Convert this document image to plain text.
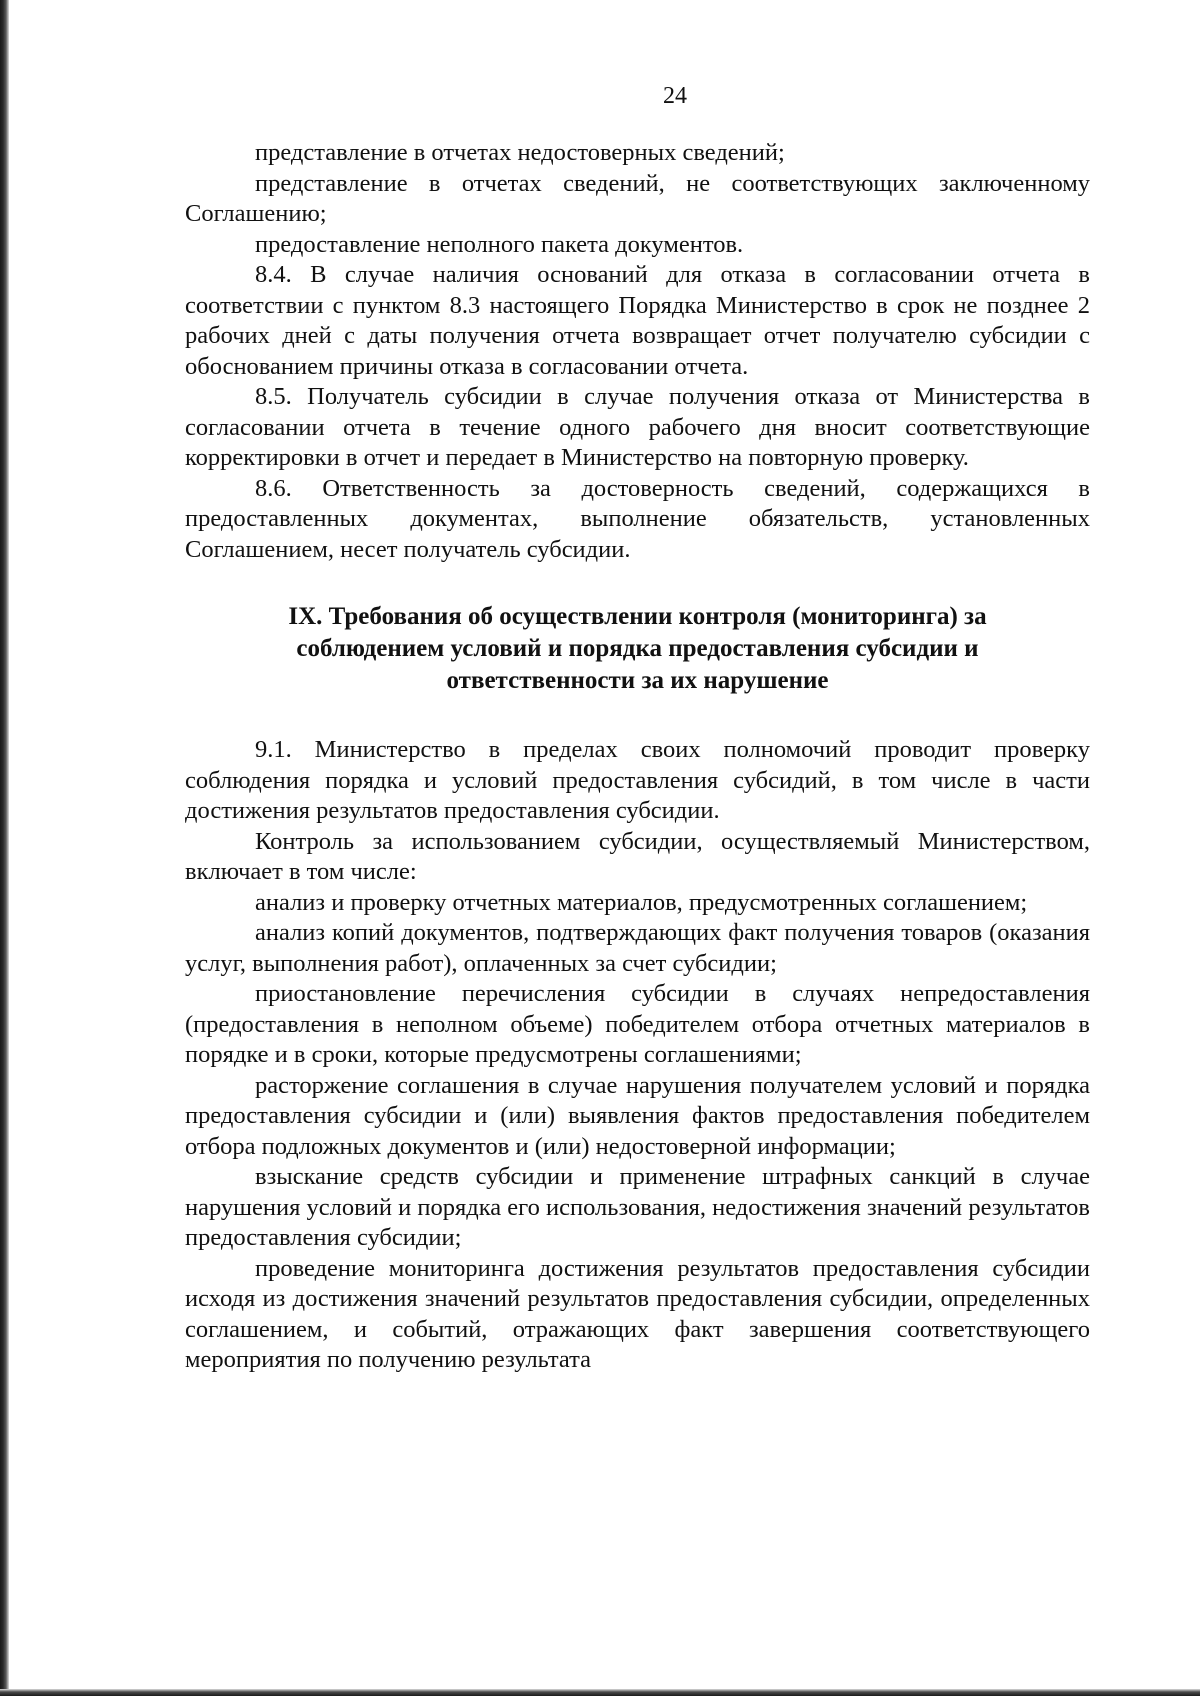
24

представление в отчетах недостоверных сведений;

представление в отчетах сведений, не соответствующих заключенному Соглашению;

предоставление неполного пакета документов.

8.4. В случае наличия оснований для отказа в согласовании отчета в соответствии с пунктом 8.3 настоящего Порядка Министерство в срок не позднее 2 рабочих дней с даты получения отчета возвращает отчет получателю субсидии с обоснованием причины отказа в согласовании отчета.

8.5. Получатель субсидии в случае получения отказа от Министерства в согласовании отчета в течение одного рабочего дня вносит соответствующие корректировки в отчет и передает в Министерство на повторную проверку.

8.6. Ответственность за достоверность сведений, содержащихся в предоставленных документах, выполнение обязательств, установленных Соглашением, несет получатель субсидии.

IX. Требования об осуществлении контроля (мониторинга) за
соблюдением условий и порядка предоставления субсидии и
ответственности за их нарушение

9.1. Министерство в пределах своих полномочий проводит проверку соблюдения порядка и условий предоставления субсидий, в том числе в части достижения результатов предоставления субсидии.

Контроль за использованием субсидии, осуществляемый Министерством, включает в том числе:

анализ и проверку отчетных материалов, предусмотренных соглашением;

анализ копий документов, подтверждающих факт получения товаров (оказания услуг, выполнения работ), оплаченных за счет субсидии;

приостановление перечисления субсидии в случаях непредоставления (предоставления в неполном объеме) победителем отбора отчетных материалов в порядке и в сроки, которые предусмотрены соглашениями;

расторжение соглашения в случае нарушения получателем условий и порядка предоставления субсидии и (или) выявления фактов предоставления победителем отбора подложных документов и (или) недостоверной информации;

взыскание средств субсидии и применение штрафных санкций в случае нарушения условий и порядка его использования, недостижения значений результатов предоставления субсидии;

проведение мониторинга достижения результатов предоставления субсидии исходя из достижения значений результатов предоставления субсидии, определенных соглашением, и событий, отражающих факт завершения соответствующего мероприятия по получению результата
